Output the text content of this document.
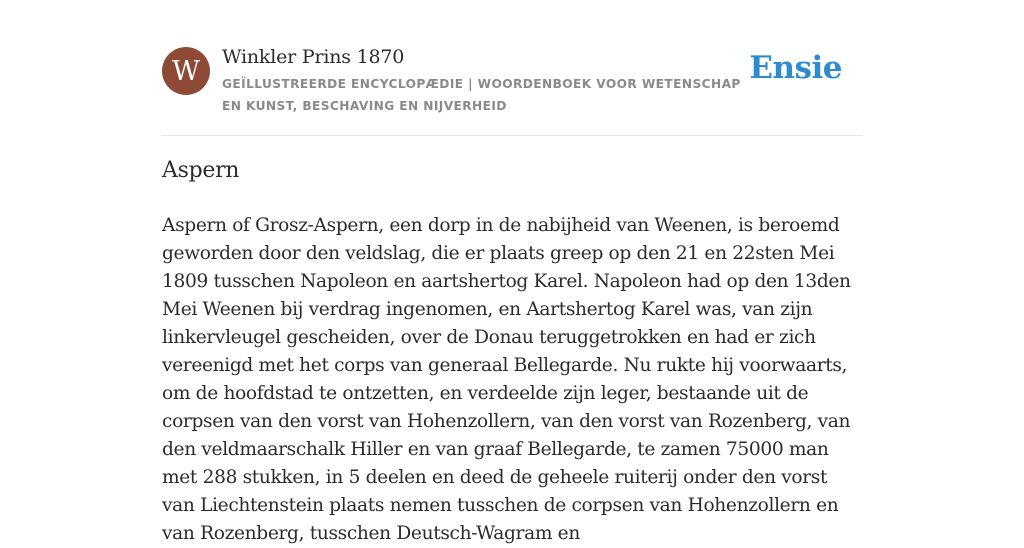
W Winkler Prins 1870
GEÏLLUSTREERDE ENCYCLOPÆDIE | WOORDENBOEK VOOR WETENSCHAP EN KUNST, BESCHAVING EN NIJVERHEID
Ensie
Aspern

Aspern of Grosz-Aspern, een dorp in de nabijheid van Weenen, is beroemd geworden door den veldslag, die er plaats greep op den 21 en 22sten Mei 1809 tusschen Napoleon en aartshertog Karel. Napoleon had op den 13den Mei Weenen bij verdrag ingenomen, en Aartshertog Karel was, van zijn linkervleugel gescheiden, over de Donau teruggetrokken en had er zich vereenigd met het corps van generaal Bellegarde. Nu rukte hij voorwaarts, om de hoofdstad te ontzetten, en verdeelde zijn leger, bestaande uit de corpsen van den vorst van Hohenzollern, van den vorst van Rozenberg, van den veldmaarschalk Hiller en van graaf Bellegarde, te zamen 75000 man met 288 stukken, in 5 deelen en deed de geheele ruiterij onder den vorst van Liechtenstein plaats nemen tusschen de corpsen van Hohenzollern en van Rozenberg, tusschen Deutsch-Wagram en
